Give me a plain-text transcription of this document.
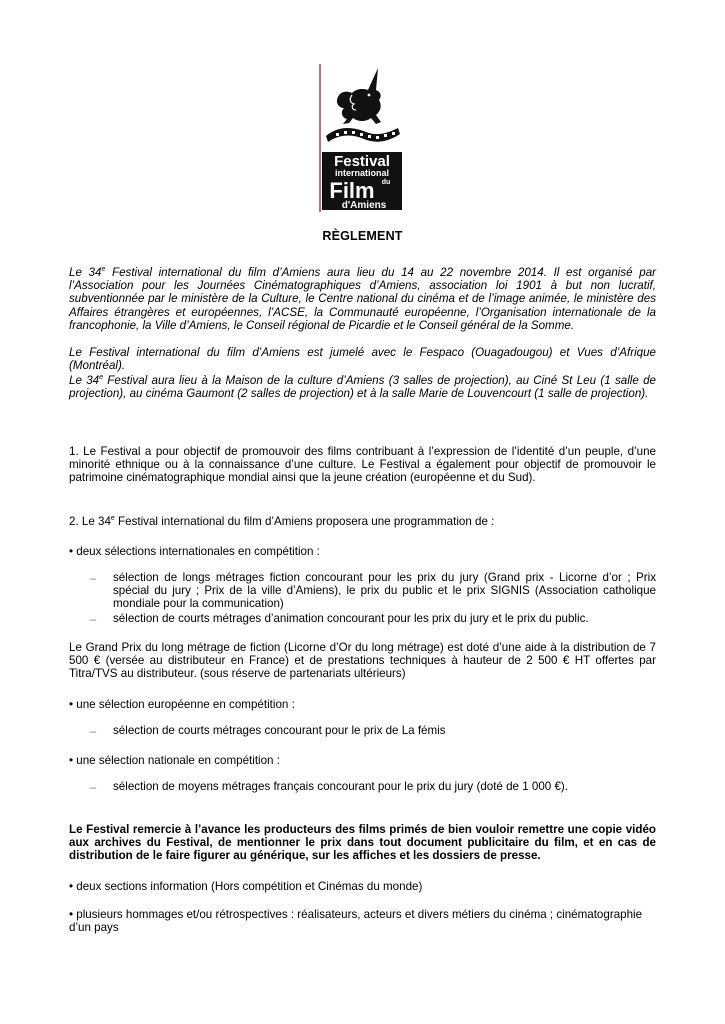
Festival
international
du
Film
d'Amiens
RÈGLEMENT
Le 34e Festival international du film d’Amiens aura lieu du 14 au 22 novembre 2014. Il est organisé par l’Association pour les Journées Cinématographiques d’Amiens, association loi 1901 à but non lucratif, subventionnée par le ministère de la Culture, le Centre national du cinéma et de l’image animée, le ministère des Affaires étrangères et européennes, l’ACSE, la Communauté européenne, l’Organisation internationale de la francophonie, la Ville d’Amiens, le Conseil régional de Picardie et le Conseil général de la Somme.
Le Festival international du film d’Amiens est jumelé avec le Fespaco (Ouagadougou) et Vues d’Afrique (Montréal).
Le 34e Festival aura lieu à la Maison de la culture d’Amiens (3 salles de projection), au Ciné St Leu (1 salle de projection), au cinéma Gaumont (2 salles de projection) et à la salle Marie de Louvencourt (1 salle de projection).
1. Le Festival a pour objectif de promouvoir des films contribuant à l’expression de l’identité d’un peuple, d’une minorité ethnique ou à la connaissance d’une culture. Le Festival a également pour objectif de promouvoir le patrimoine cinématographique mondial ainsi que la jeune création (européenne et du Sud).
2. Le 34e Festival international du film d’Amiens proposera une programmation de :
• deux sélections internationales en compétition :
– sélection de longs métrages fiction concourant pour les prix du jury (Grand prix - Licorne d’or ; Prix spécial du jury ; Prix de la ville d’Amiens), le prix du public et le prix SIGNIS (Association catholique mondiale pour la communication)
– sélection de courts métrages d’animation concourant pour les prix du jury et le prix du public.
Le Grand Prix du long métrage de fiction (Licorne d’Or du long métrage) est doté d’une aide à la distribution de 7 500 € (versée au distributeur en France) et de prestations techniques à hauteur de 2 500 € HT offertes par Titra/TVS au distributeur. (sous réserve de partenariats ultérieurs)
• une sélection européenne en compétition :
– sélection de courts métrages concourant pour le prix de La fémis
• une sélection nationale en compétition :
– sélection de moyens métrages français concourant pour le prix du jury (doté de 1 000 €).
Le Festival remercie à l’avance les producteurs des films primés de bien vouloir remettre une copie vidéo aux archives du Festival, de mentionner le prix dans tout document publicitaire du film, et en cas de distribution de le faire figurer au générique, sur les affiches et les dossiers de presse.
• deux sections information (Hors compétition et Cinémas du monde)
• plusieurs hommages et/ou rétrospectives : réalisateurs, acteurs et divers métiers du cinéma ; cinématographie d’un pays
